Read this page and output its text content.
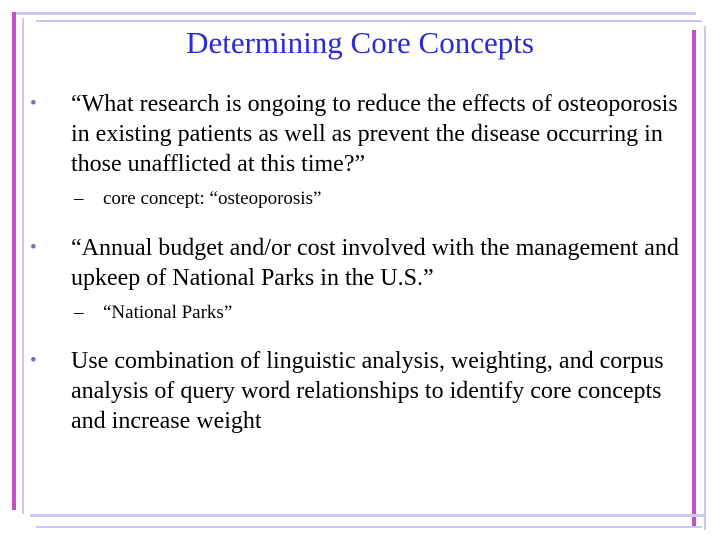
Determining Core Concepts
•	“What research is ongoing to reduce the effects of osteoporosis in existing patients as well as prevent the disease occurring in those unafflicted at this time?”
– core concept: “osteoporosis”
•	“Annual budget and/or cost involved with the management and upkeep of National Parks in the U.S.”
– “National Parks”
•	Use combination of linguistic analysis, weighting, and corpus analysis of query word relationships to identify core concepts and increase weight
